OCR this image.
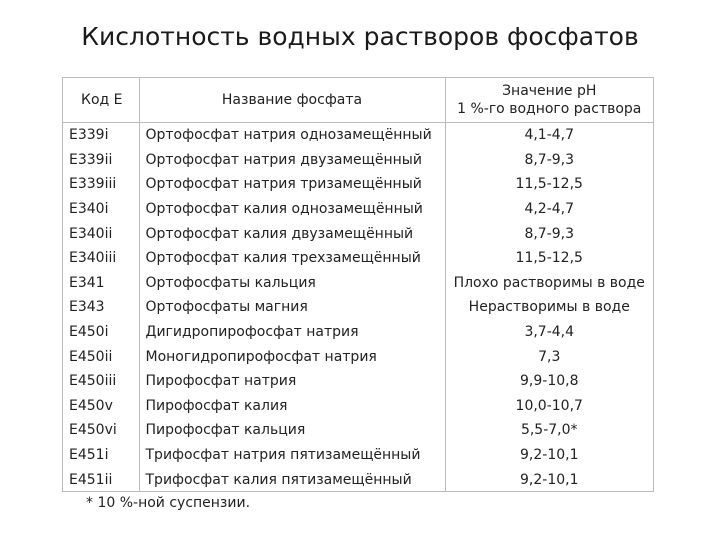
Кислотность водных растворов фосфатов
Код Е	Название фосфата	Значение рН
1 %-го водного раствора

Е339i	Ортофосфат натрия однозамещённый	4,1-4,7
Е339ii	Ортофосфат натрия двузамещённый	8,7-9,3
Е339iii	Ортофосфат натрия тризамещённый	11,5-12,5
Е340i	Ортофосфат калия однозамещённый	4,2-4,7
Е340ii	Ортофосфат калия двузамещённый	8,7-9,3
Е340iii	Ортофосфат калия трехзамещённый	11,5-12,5
Е341	Ортофосфаты кальция	Плохо растворимы в воде
Е343	Ортофосфаты магния	Нерастворимы в воде
Е450i	Дигидропирофосфат натрия	3,7-4,4
Е450ii	Моногидропирофосфат натрия	7,3
Е450iii	Пирофосфат натрия	9,9-10,8
Е450v	Пирофосфат калия	10,0-10,7
Е450vi	Пирофосфат кальция	5,5-7,0*
Е451i	Трифосфат натрия пятизамещённый	9,2-10,1
Е451ii	Трифосфат калия пятизамещённый	9,2-10,1
* 10 %-ной суспензии.
